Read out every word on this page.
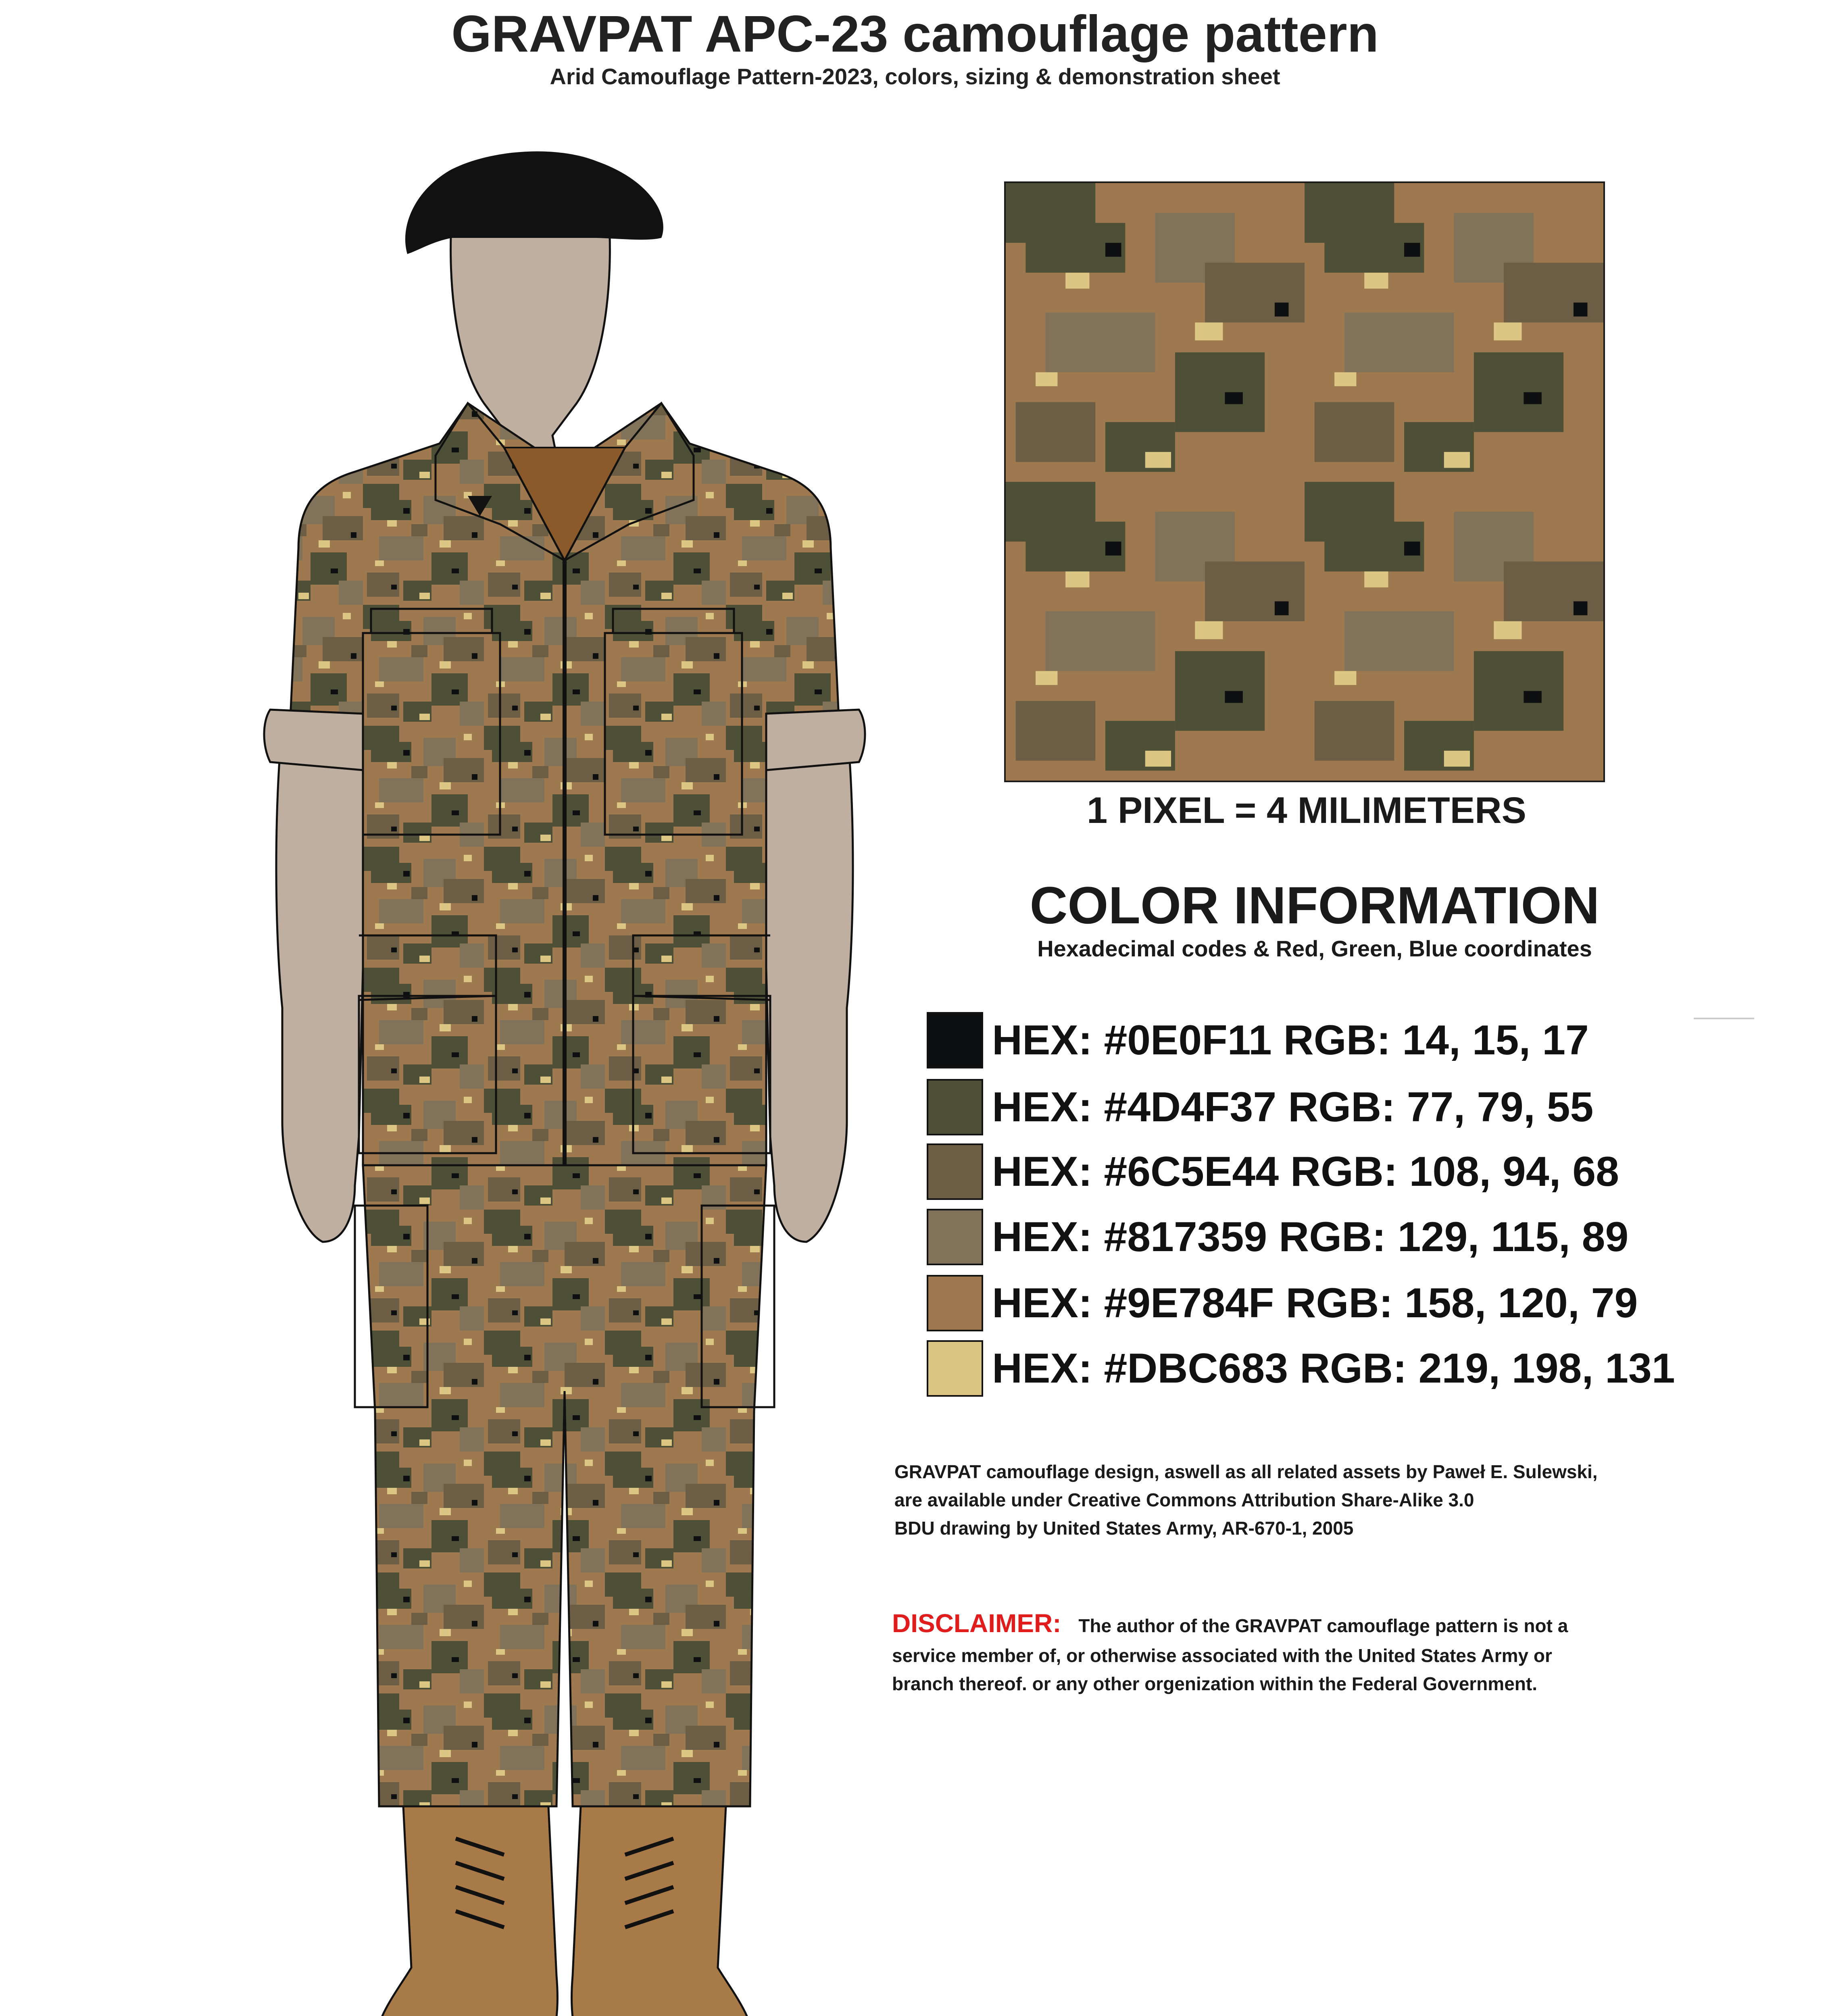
GRAVPAT APC-23 camouflage pattern
Arid Camouflage Pattern-2023, colors, sizing & demonstration sheet
1 PIXEL = 4 MILIMETERS
COLOR INFORMATION
Hexadecimal codes & Red, Green, Blue coordinates
HEX: #0E0F11 RGB: 14, 15, 17
HEX: #4D4F37 RGB: 77, 79, 55
HEX: #6C5E44 RGB: 108, 94, 68
HEX: #817359 RGB: 129, 115, 89
HEX: #9E784F RGB: 158, 120, 79
HEX: #DBC683 RGB: 219, 198, 131
GRAVPAT camouflage design, aswell as all related assets by Paweł E. Sulewski,
are available under Creative Commons Attribution Share-Alike 3.0
BDU drawing by United States Army, AR-670-1, 2005
DISCLAIMER: The author of the GRAVPAT camouflage pattern is not a
service member of, or otherwise associated with the United States Army or
branch thereof. or any other orgenization within the Federal Government.
